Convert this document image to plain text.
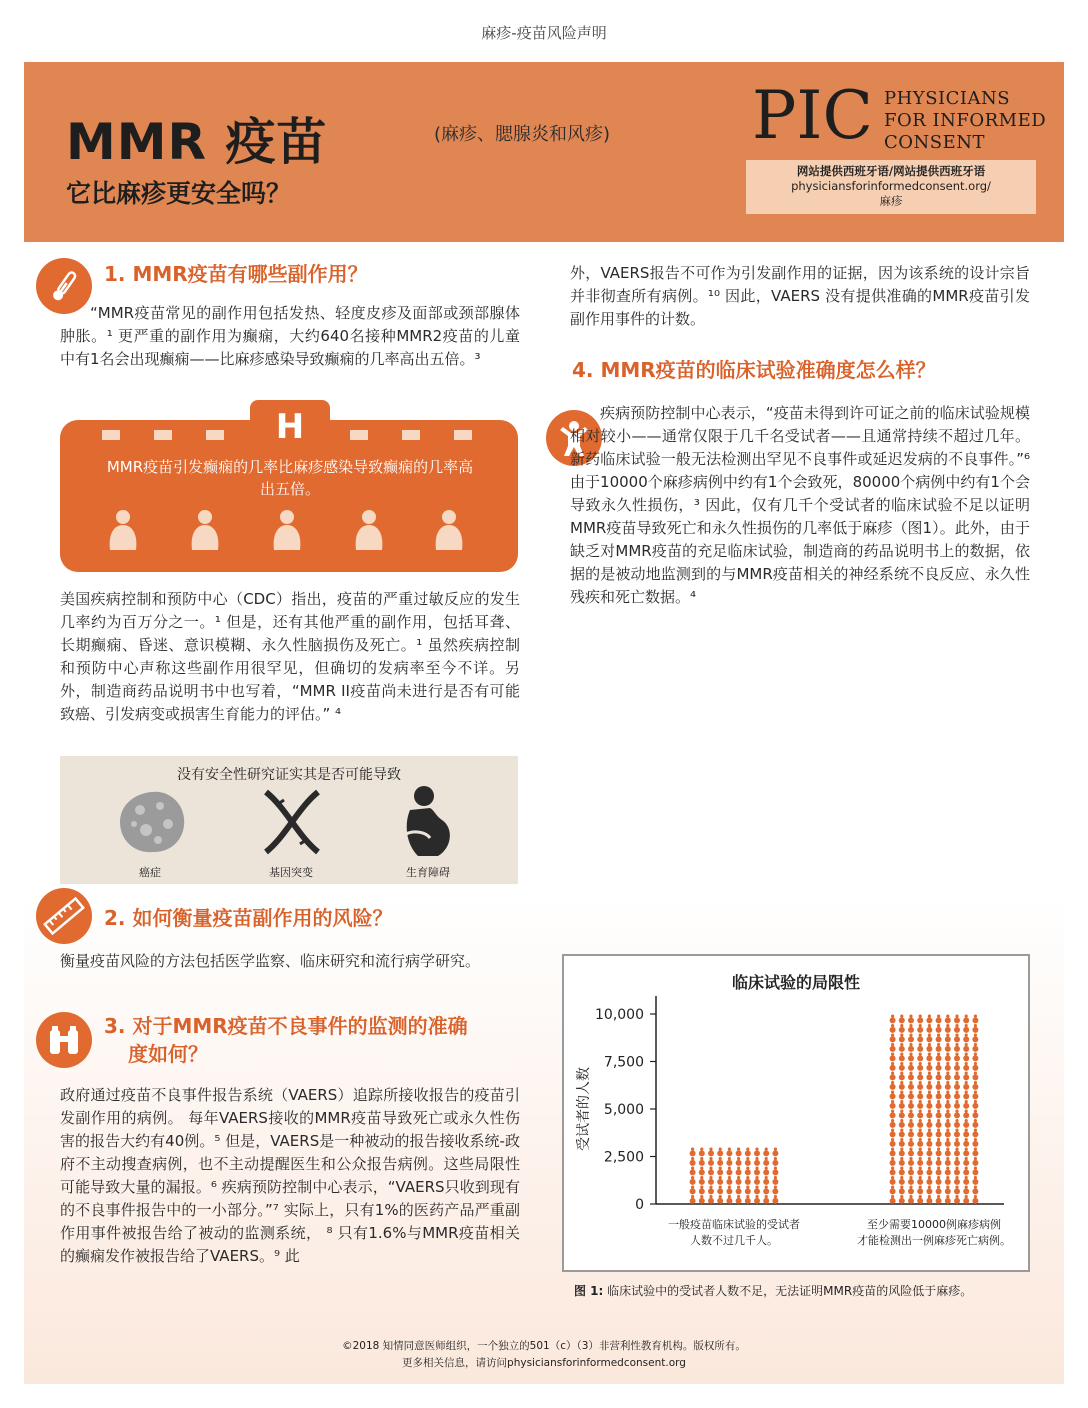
麻疹-疫苗风险声明
MMR 疫苗
它比麻疹更安全吗？
(麻疹、腮腺炎和风疹) PIC PHYSICIANS
FOR INFORMED
CONSENT
网站提供西班牙语/网站提供西班牙语
physiciansforinformedconsent.org/
麻疹
1. MMR疫苗有哪些副作用？

“MMR疫苗常见的副作用包括发热、轻度皮疹及面部或颈部腺体肿胀。¹ 更严重的副作用为癫痫，大约640名接种MMR2疫苗的儿童中有1名会出现癫痫——比麻疹感染导致癫痫的几率高出五倍。³

H
MMR疫苗引发癫痫的几率比麻疹感染导致癫痫的几率高出五倍。

美国疾病控制和预防中心（CDC）指出，疫苗的严重过敏反应的发生几率约为百万分之一。¹ 但是，还有其他严重的副作用，包括耳聋、长期癫痫、昏迷、意识模糊、永久性脑损伤及死亡。¹ 虽然疾病控制和预防中心声称这些副作用很罕见，但确切的发病率至今不详。另外，制造商药品说明书中也写着，“MMR II疫苗尚未进行是否有可能致癌、引发病变或损害生育能力的评估。” ⁴

没有安全性研究证实其是否可能导致
癌症	基因突变	生育障碍
2. 如何衡量疫苗副作用的风险？

衡量疫苗风险的方法包括医学监察、临床研究和流行病学研究。

3. 对于MMR疫苗不良事件的监测的准确
度如何？

政府通过疫苗不良事件报告系统（VAERS）追踪所接收报告的疫苗引发副作用的病例。 每年VAERS接收的MMR疫苗导致死亡或永久性伤害的报告大约有40例。⁵ 但是，VAERS是一种被动的报告接收系统-政府不主动搜查病例，也不主动提醒医生和公众报告病例。这些局限性可能导致大量的漏报。⁶ 疾病预防控制中心表示，“VAERS只收到现有的不良事件报告中的一小部分。”⁷ 实际上，只有1%的医药产品严重副作用事件被报告给了被动的监测系统， ⁸ 只有1.6%与MMR疫苗相关的癫痫发作被报告给了VAERS。⁹ 此

外，VAERS报告不可作为引发副作用的证据，因为该系统的设计宗旨并非彻查所有病例。¹⁰ 因此，VAERS 没有提供准确的MMR疫苗引发副作用事件的计数。

4. MMR疫苗的临床试验准确度怎么样？

疾病预防控制中心表示，“疫苗未得到许可证之前的临床试验规模相对较小——通常仅限于几千名受试者——且通常持续不超过几年。 新药临床试验一般无法检测出罕见不良事件或延迟发病的不良事件。”⁶ 由于10000个麻疹病例中约有1个会致死，80000个病例中约有1个会导致永久性损伤，³ 因此，仅有几千个受试者的临床试验不足以证明MMR疫苗导致死亡和永久性损伤的几率低于麻疹（图1）。此外，由于缺乏对MMR疫苗的充足临床试验，制造商的药品说明书上的数据，依据的是被动地监测到的与MMR疫苗相关的神经系统不良反应、永久性残疾和死亡数据。⁴

临床试验的局限性
0
2,500
5,000
7,500
10,000
受试者的人数
一般疫苗临床试验的受试者
人数不过几千人。
至少需要10000例麻疹病例
才能检测出一例麻疹死亡病例。
图 1: 临床试验中的受试者人数不足，无法证明MMR疫苗的风险低于麻疹。
©2018 知情同意医师组织，一个独立的501（c）（3）非营利性教育机构。版权所有。
更多相关信息，请访问physiciansforinformedconsent.org
